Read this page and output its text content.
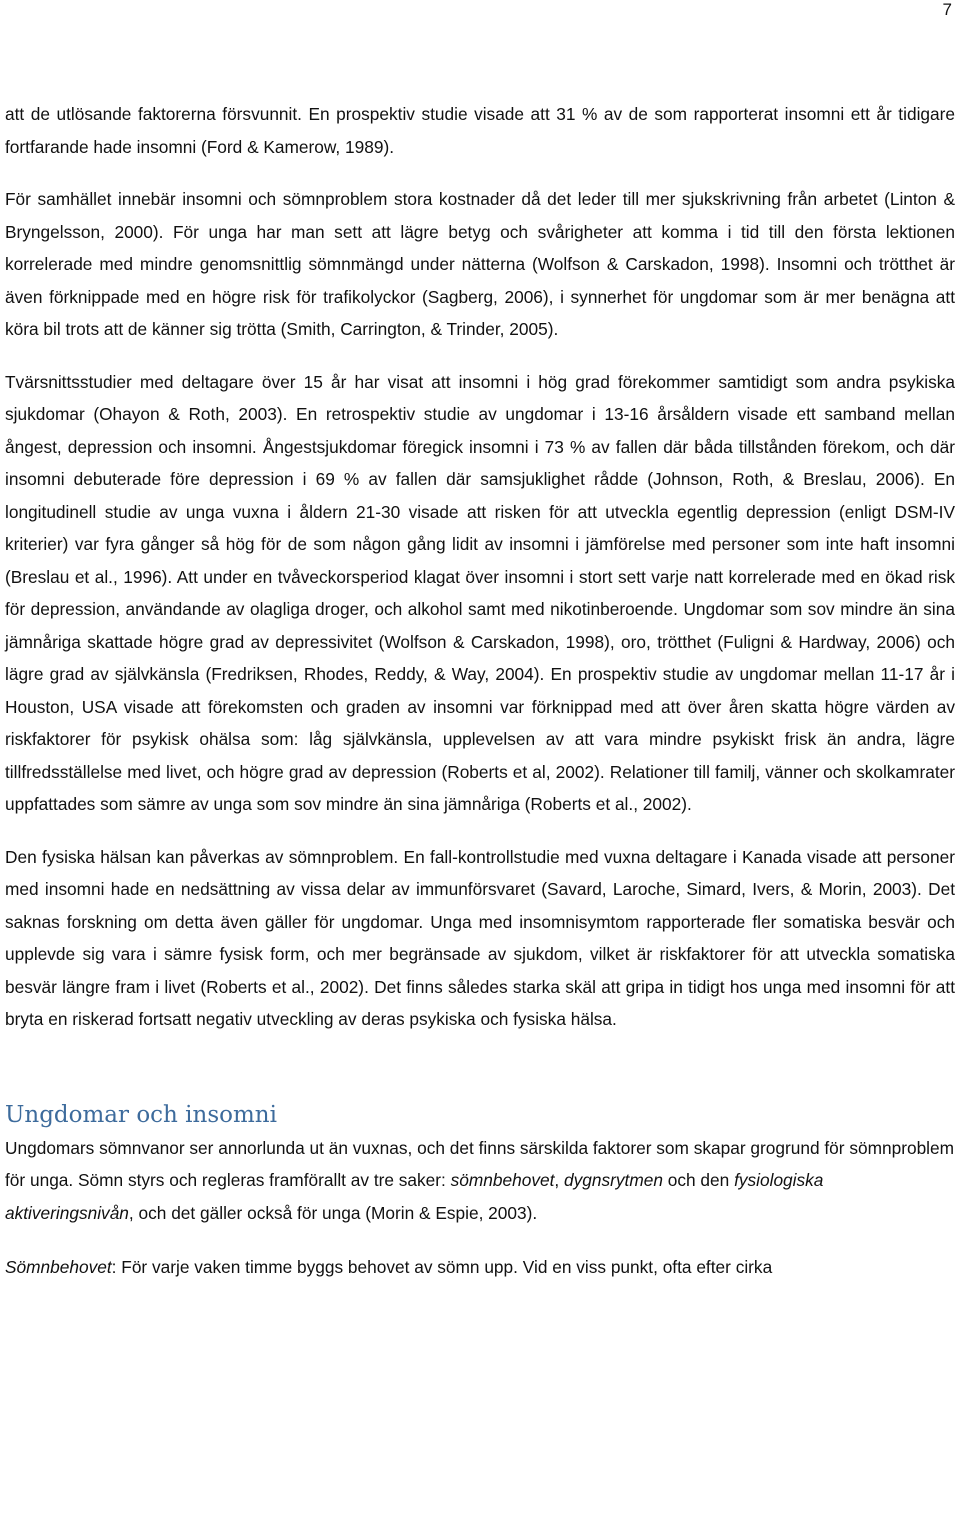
7

att de utlösande faktorerna försvunnit. En prospektiv studie visade att 31 % av de som rapporterat insomni ett år tidigare fortfarande hade insomni (Ford & Kamerow, 1989).

För samhället innebär insomni och sömnproblem stora kostnader då det leder till mer sjukskrivning från arbetet (Linton & Bryngelsson, 2000). För unga har man sett att lägre betyg och svårigheter att komma i tid till den första lektionen korrelerade med mindre genomsnittlig sömnmängd under nätterna (Wolfson & Carskadon, 1998). Insomni och trötthet är även förknippade med en högre risk för trafikolyckor (Sagberg, 2006), i synnerhet för ungdomar som är mer benägna att köra bil trots att de känner sig trötta (Smith, Carrington, & Trinder, 2005).

Tvärsnittsstudier med deltagare över 15 år har visat att insomni i hög grad förekommer samtidigt som andra psykiska sjukdomar (Ohayon & Roth, 2003). En retrospektiv studie av ungdomar i 13-16 årsåldern visade ett samband mellan ångest, depression och insomni. Ångestsjukdomar föregick insomni i 73 % av fallen där båda tillstånden förekom, och där insomni debuterade före depression i 69 % av fallen där samsjuklighet rådde (Johnson, Roth, & Breslau, 2006). En longitudinell studie av unga vuxna i åldern 21-30 visade att risken för att utveckla egentlig depression (enligt DSM-IV kriterier) var fyra gånger så hög för de som någon gång lidit av insomni i jämförelse med personer som inte haft insomni (Breslau et al., 1996). Att under en tvåveckorsperiod klagat över insomni i stort sett varje natt korrelerade med en ökad risk för depression, användande av olagliga droger, och alkohol samt med nikotinberoende. Ungdomar som sov mindre än sina jämnåriga skattade högre grad av depressivitet (Wolfson & Carskadon, 1998), oro, trötthet (Fuligni & Hardway, 2006) och lägre grad av självkänsla (Fredriksen, Rhodes, Reddy, & Way, 2004). En prospektiv studie av ungdomar mellan 11-17 år i Houston, USA visade att förekomsten och graden av insomni var förknippad med att över åren skatta högre värden av riskfaktorer för psykisk ohälsa som: låg självkänsla, upplevelsen av att vara mindre psykiskt frisk än andra, lägre tillfredsställelse med livet, och högre grad av depression (Roberts et al, 2002). Relationer till familj, vänner och skolkamrater uppfattades som sämre av unga som sov mindre än sina jämnåriga (Roberts et al., 2002).

Den fysiska hälsan kan påverkas av sömnproblem. En fall-kontrollstudie med vuxna deltagare i Kanada visade att personer med insomni hade en nedsättning av vissa delar av immunförsvaret (Savard, Laroche, Simard, Ivers, & Morin, 2003). Det saknas forskning om detta även gäller för ungdomar. Unga med insomnisymtom rapporterade fler somatiska besvär och upplevde sig vara i sämre fysisk form, och mer begränsade av sjukdom, vilket är riskfaktorer för att utveckla somatiska besvär längre fram i livet (Roberts et al., 2002). Det finns således starka skäl att gripa in tidigt hos unga med insomni för att bryta en riskerad fortsatt negativ utveckling av deras psykiska och fysiska hälsa.

Ungdomar och insomni

Ungdomars sömnvanor ser annorlunda ut än vuxnas, och det finns särskilda faktorer som skapar grogrund för sömnproblem för unga. Sömn styrs och regleras framförallt av tre saker: sömnbehovet, dygnsrytmen och den fysiologiska aktiveringsnivån, och det gäller också för unga (Morin & Espie, 2003).

Sömnbehovet: För varje vaken timme byggs behovet av sömn upp. Vid en viss punkt, ofta efter cirka
